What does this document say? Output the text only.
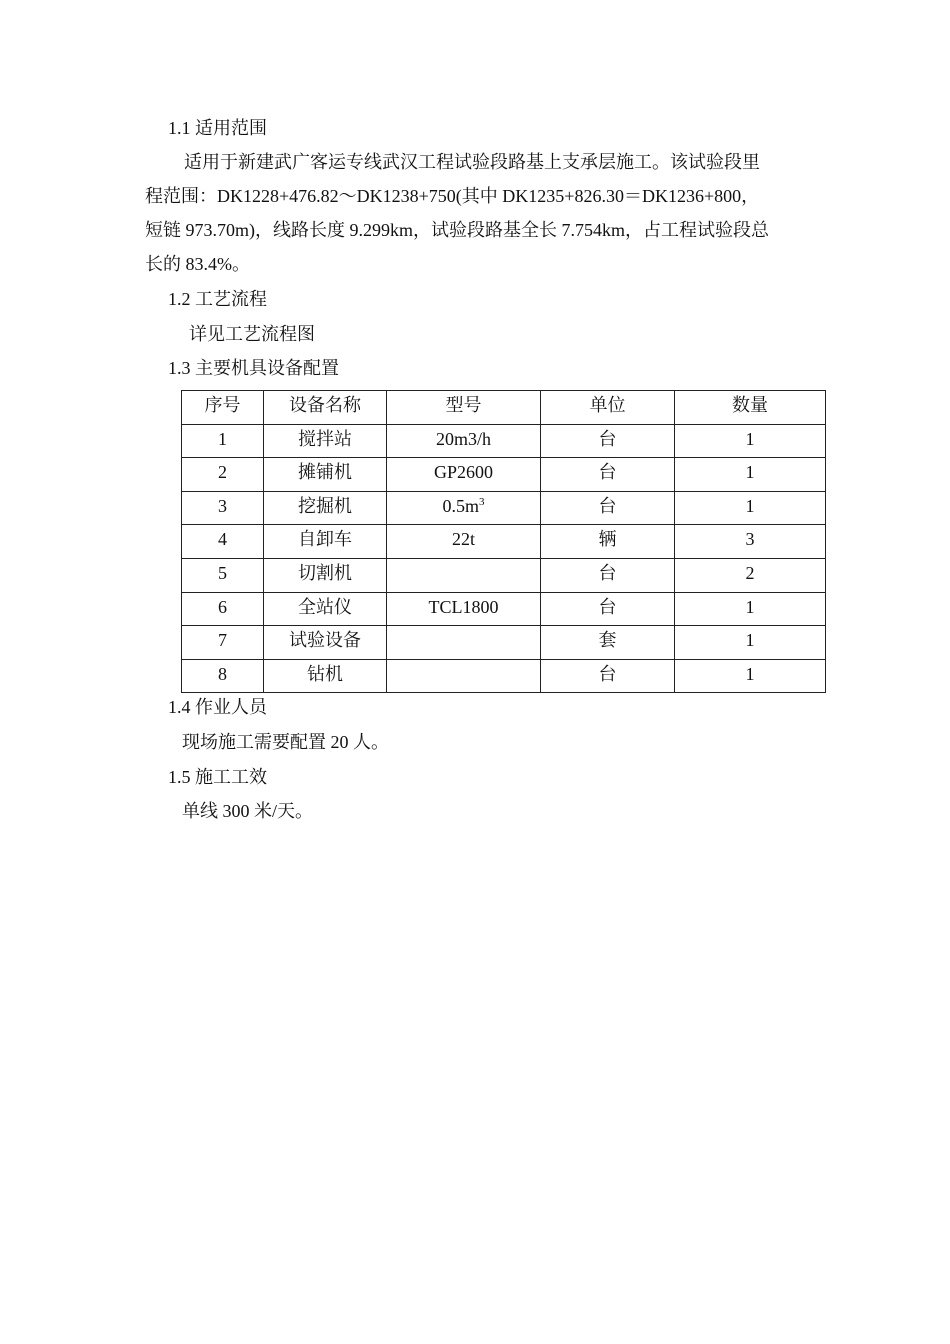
1.1 适用范围
适用于新建武广客运专线武汉工程试验段路基上支承层施工。该试验段里
程范围：DK1228+476.82～DK1238+750(其中 DK1235+826.30＝DK1236+800，
短链 973.70m)，线路长度 9.299km，试验段路基全长 7.754km，占工程试验段总
长的 83.4%。
1.2 工艺流程
详见工艺流程图
1.3 主要机具设备配置
序号	设备名称	型号	单位	数量
1	搅拌站	20m3/h	台	1
2	摊铺机	GP2600	台	1
3	挖掘机	$0.5m^3$	台	1
4	自卸车	22t	辆	3
5	切割机		台	2
6	全站仪	TCL1800	台	1
7	试验设备		套	1
8	钻机		台	1
1.4 作业人员
现场施工需要配置 20 人。
1.5 施工工效
单线 300 米/天。
